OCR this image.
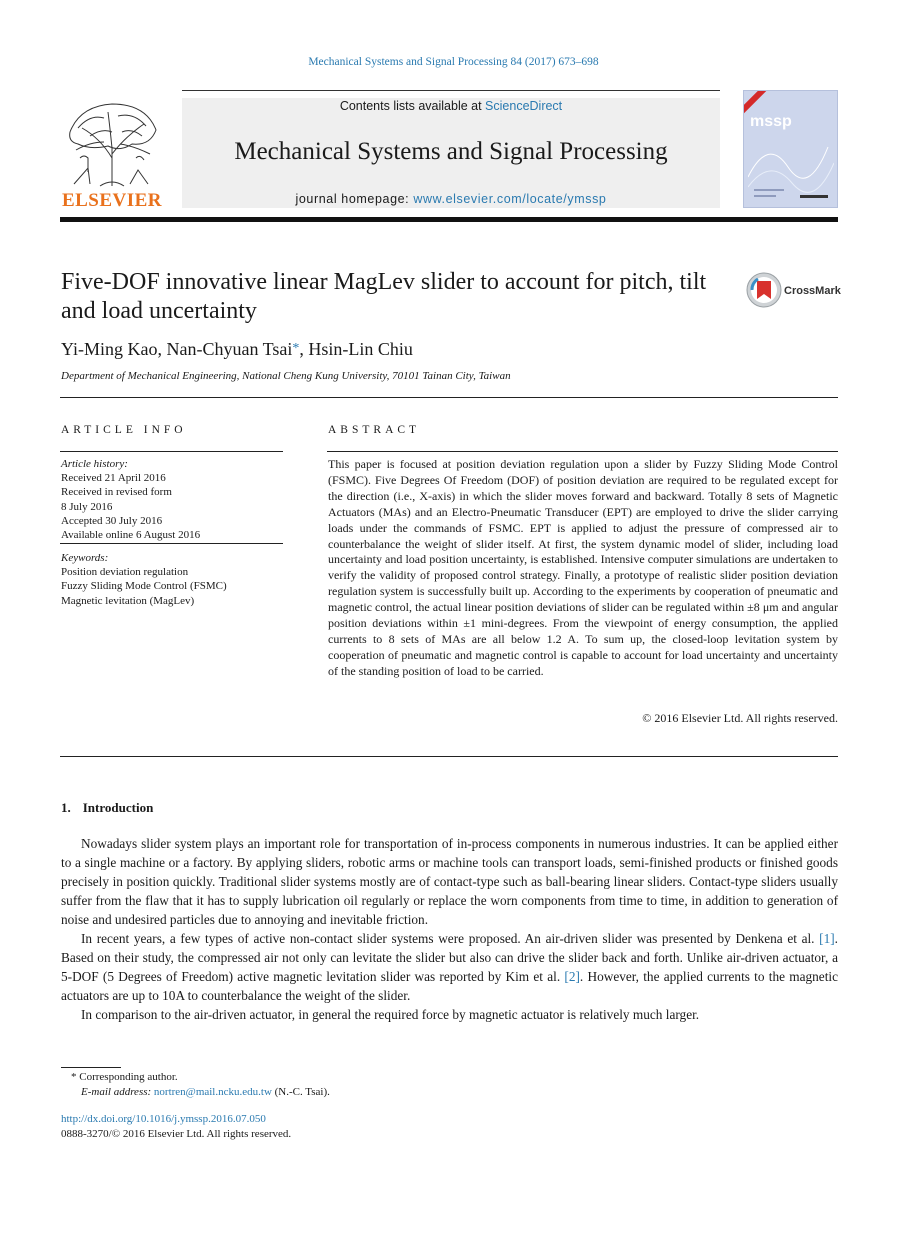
Mechanical Systems and Signal Processing 84 (2017) 673–698
ELSEVIER
Contents lists available at ScienceDirect
Mechanical Systems and Signal Processing
journal homepage: www.elsevier.com/locate/ymssp
mssp
Five-DOF innovative linear MagLev slider to account for pitch, tilt and load uncertainty
CrossMark
Yi-Ming Kao, Nan-Chyuan Tsai*, Hsin-Lin Chiu
Department of Mechanical Engineering, National Cheng Kung University, 70101 Tainan City, Taiwan
ARTICLE INFO
Article history:
Received 21 April 2016
Received in revised form
8 July 2016
Accepted 30 July 2016
Available online 6 August 2016
Keywords:
Position deviation regulation
Fuzzy Sliding Mode Control (FSMC)
Magnetic levitation (MagLev)
ABSTRACT
This paper is focused at position deviation regulation upon a slider by Fuzzy Sliding Mode Control (FSMC). Five Degrees Of Freedom (DOF) of position deviation are required to be regulated except for the direction (i.e., X-axis) in which the slider moves forward and backward. Totally 8 sets of Magnetic Actuators (MAs) and an Electro-Pneumatic Transducer (EPT) are employed to drive the slider carrying loads under the commands of FSMC. EPT is applied to adjust the pressure of compressed air to counterbalance the weight of slider itself. At first, the system dynamic model of slider, including load uncertainty and load position uncertainty, is established. Intensive computer simulations are undertaken to verify the validity of proposed control strategy. Finally, a prototype of realistic slider position deviation regulation system is successfully built up. According to the experiments by cooperation of pneumatic and magnetic control, the actual linear position deviations of slider can be regulated within ±8 μm and angular position deviations within ±1 mini-degrees. From the viewpoint of energy consumption, the applied currents to 8 sets of MAs are all below 1.2 A. To sum up, the closed-loop levitation system by cooperation of pneumatic and magnetic control is capable to account for load uncertainty and uncertainty of the standing position of load to be carried.
© 2016 Elsevier Ltd. All rights reserved.
1. Introduction

Nowadays slider system plays an important role for transportation of in-process components in numerous industries. It can be applied either to a single machine or a factory. By applying sliders, robotic arms or machine tools can transport loads, semi-finished products or finished goods precisely in position quickly. Traditional slider systems mostly are of contact-type such as ball-bearing linear sliders. Contact-type sliders usually suffer from the flaw that it has to supply lubrication oil regularly or replace the worn components from time to time, in addition to generation of noise and undesired particles due to annoying and inevitable friction.

In recent years, a few types of active non-contact slider systems were proposed. An air-driven slider was presented by Denkena et al. [1]. Based on their study, the compressed air not only can levitate the slider but also can drive the slider back and forth. Unlike air-driven actuator, a 5-DOF (5 Degrees of Freedom) active magnetic levitation slider was reported by Kim et al. [2]. However, the applied currents to the magnetic actuators are up to 10A to counterbalance the weight of the slider.

In comparison to the air-driven actuator, in general the required force by magnetic actuator is relatively much larger.

* Corresponding author.
E-mail address: nortren@mail.ncku.edu.tw (N.-C. Tsai).
http://dx.doi.org/10.1016/j.ymssp.2016.07.050
0888-3270/© 2016 Elsevier Ltd. All rights reserved.
